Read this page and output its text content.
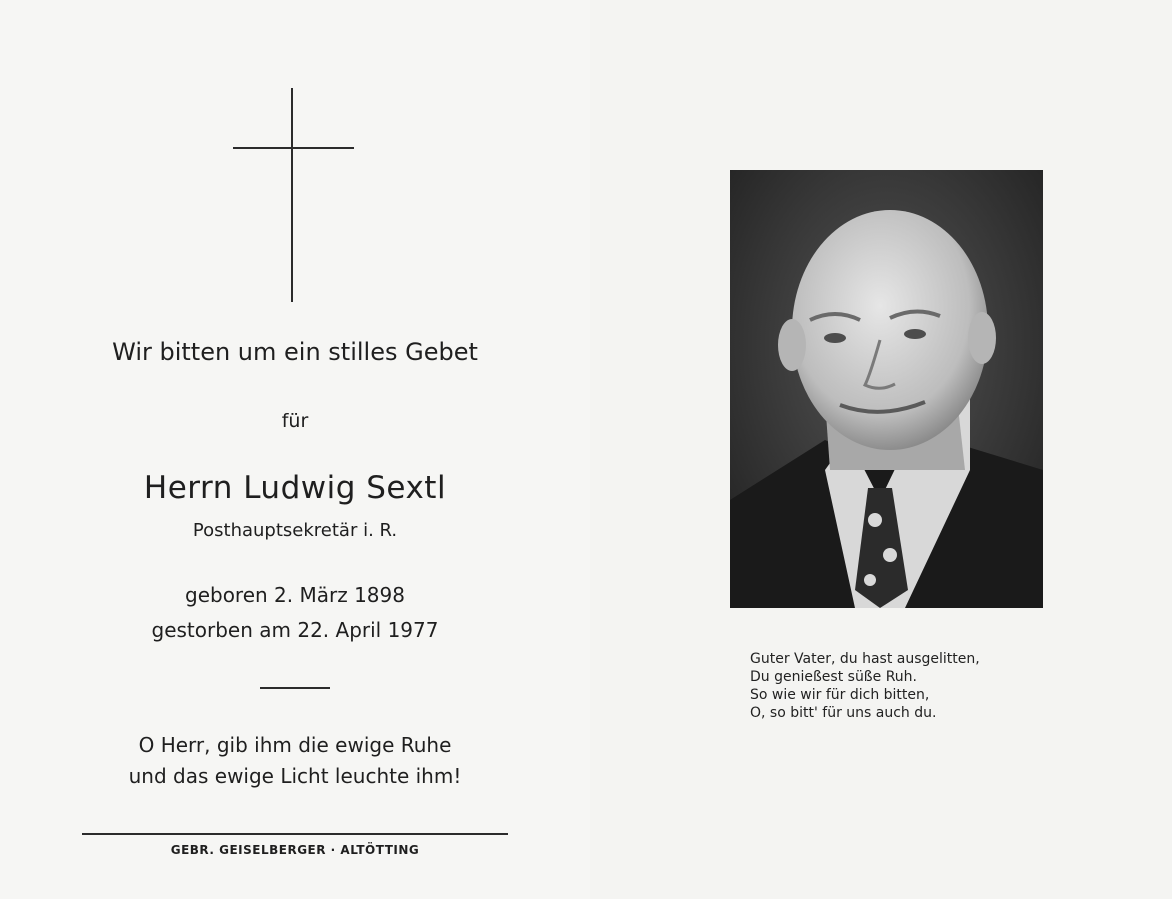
Wir bitten um ein stilles Gebet
für
Herrn Ludwig Sextl
Posthauptsekretär i. R.
geboren 2. März 1898
gestorben am 22. April 1977
O Herr, gib ihm die ewige Ruhe
und das ewige Licht leuchte ihm!
GEBR. GEISELBERGER · ALTÖTTING
Guter Vater, du hast ausgelitten,
Du genießest süße Ruh.
So wie wir für dich bitten,
O, so bitt' für uns auch du.
